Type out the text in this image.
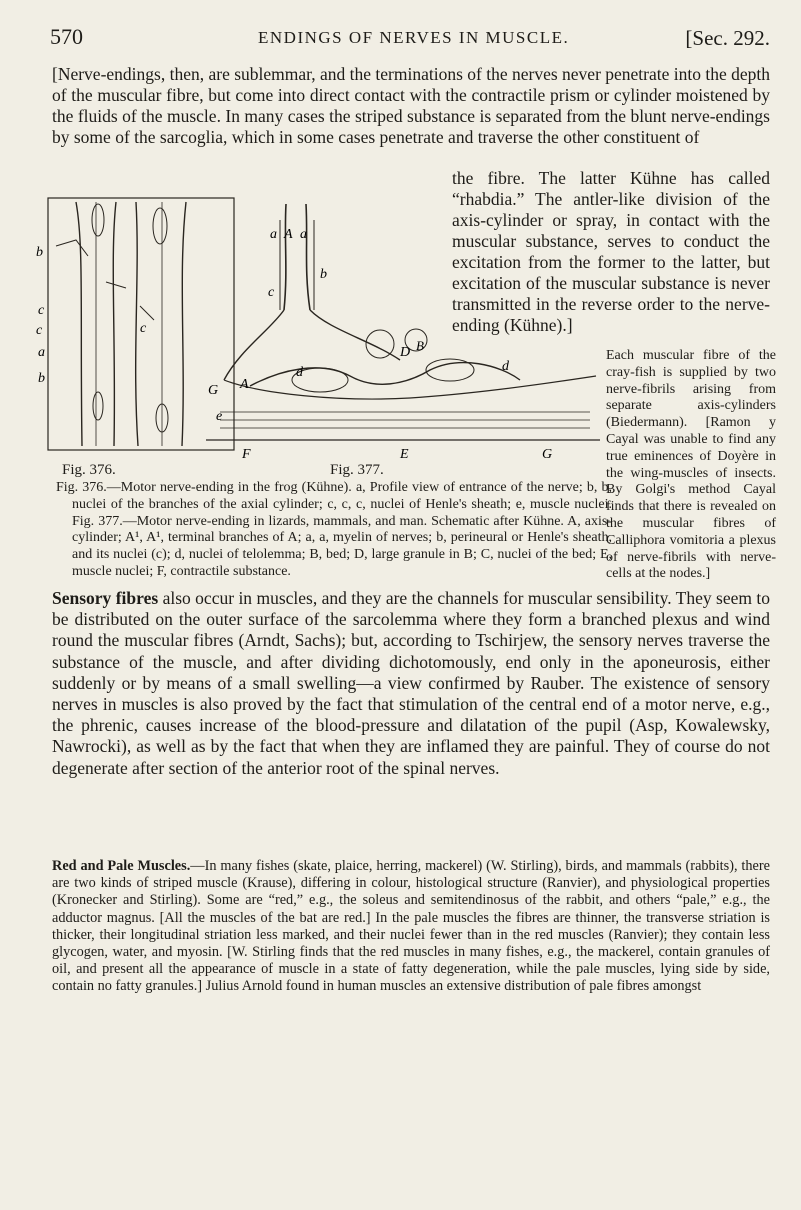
570	ENDINGS OF NERVES IN MUSCLE.	[Sec. 292.
[Nerve-endings, then, are sublemmar, and the terminations of the nerves never penetrate into the depth of the muscular fibre, but come into direct contact with the contractile prism or cylinder moistened by the fluids of the muscle. In many cases the striped substance is separated from the blunt nerve-endings by some of the sarcoglia, which in some cases penetrate and traverse the other constituent of
the fibre. The latter Kühne has called “rhabdia.” The antler-like division of the axis-cylinder or spray, in contact with the muscular substance, serves to conduct the excitation from the former to the latter, but excitation of the muscular substance is never transmitted in the reverse order to the nerve-ending (Kühne).]
b
c
c	c
a
b
e
a A a
b
c
d
D B
d
G A
F	E	G
Each muscular fibre of the cray-fish is supplied by two nerve-fibrils arising from separate axis-cylinders (Biedermann). [Ramon y Cayal was unable to find any true eminences of Doyère in the wing-muscles of insects. By Golgi's method Cayal finds that there is revealed on the muscular fibres of Calliphora vomitoria a plexus of nerve-fibrils with nerve-cells at the nodes.]
Fig. 376.	Fig. 377.
Fig. 376.—Motor nerve-ending in the frog (Kühne). a, Profile view of entrance of the nerve; b, b, nuclei of the branches of the axial cylinder; c, c, c, nuclei of Henle's sheath; e, muscle nuclei. Fig. 377.—Motor nerve-ending in lizards, mammals, and man. Schematic after Kühne. A, axis-cylinder; A¹, A¹, terminal branches of A; a, a, myelin of nerves; b, perineural or Henle's sheath, and its nuclei (c); d, nuclei of telolemma; B, bed; D, large granule in B; C, nuclei of the bed; E, muscle nuclei; F, contractile substance.
Sensory fibres also occur in muscles, and they are the channels for muscular sensibility. They seem to be distributed on the outer surface of the sarcolemma where they form a branched plexus and wind round the muscular fibres (Arndt, Sachs); but, according to Tschirjew, the sensory nerves traverse the substance of the muscle, and after dividing dichotomously, end only in the aponeurosis, either suddenly or by means of a small swelling—a view confirmed by Rauber. The existence of sensory nerves in muscles is also proved by the fact that stimulation of the central end of a motor nerve, e.g., the phrenic, causes increase of the blood-pressure and dilatation of the pupil (Asp, Kowalewsky, Nawrocki), as well as by the fact that when they are inflamed they are painful. They of course do not degenerate after section of the anterior root of the spinal nerves.
Red and Pale Muscles.—In many fishes (skate, plaice, herring, mackerel) (W. Stirling), birds, and mammals (rabbits), there are two kinds of striped muscle (Krause), differing in colour, histological structure (Ranvier), and physiological properties (Kronecker and Stirling). Some are “red,” e.g., the soleus and semitendinosus of the rabbit, and others “pale,” e.g., the adductor magnus. [All the muscles of the bat are red.] In the pale muscles the fibres are thinner, the transverse striation is thicker, their longitudinal striation less marked, and their nuclei fewer than in the red muscles (Ranvier); they contain less glycogen, water, and myosin. [W. Stirling finds that the red muscles in many fishes, e.g., the mackerel, contain granules of oil, and present all the appearance of muscle in a state of fatty degeneration, while the pale muscles, lying side by side, contain no fatty granules.] Julius Arnold found in human muscles an extensive distribution of pale fibres amongst
